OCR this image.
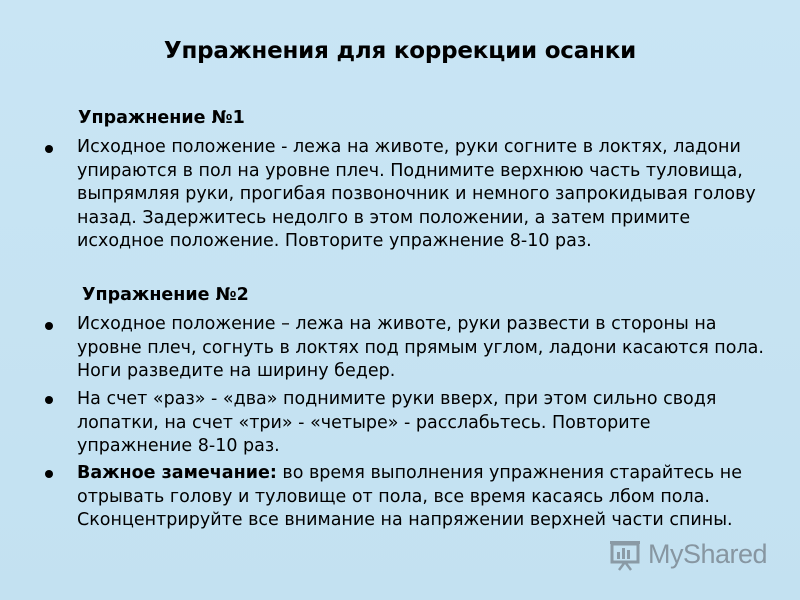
Упражнения для коррекции осанки
Упражнение №1
Исходное положение - лежа на животе, руки согните в локтях, ладони упираются в пол на уровне плеч. Поднимите верхнюю часть туловища, выпрямляя руки, прогибая позвоночник и немного запрокидывая голову назад. Задержитесь недолго в этом положении, а затем примите исходное положение. Повторите упражнение 8-10 раз.
Упражнение №2
Исходное положение – лежа на животе, руки развести в стороны на уровне плеч, согнуть в локтях под прямым углом, ладони касаются пола. Ноги разведите на ширину бедер.
На счет «раз» - «два» поднимите руки вверх, при этом сильно сводя лопатки, на счет «три» - «четыре» - расслабьтесь. Повторите упражнение 8-10 раз.
Важное замечание: во время выполнения упражнения старайтесь не отрывать голову и туловище от пола, все время касаясь лбом пола. Сконцентрируйте все внимание на напряжении верхней части спины.
MyShared
